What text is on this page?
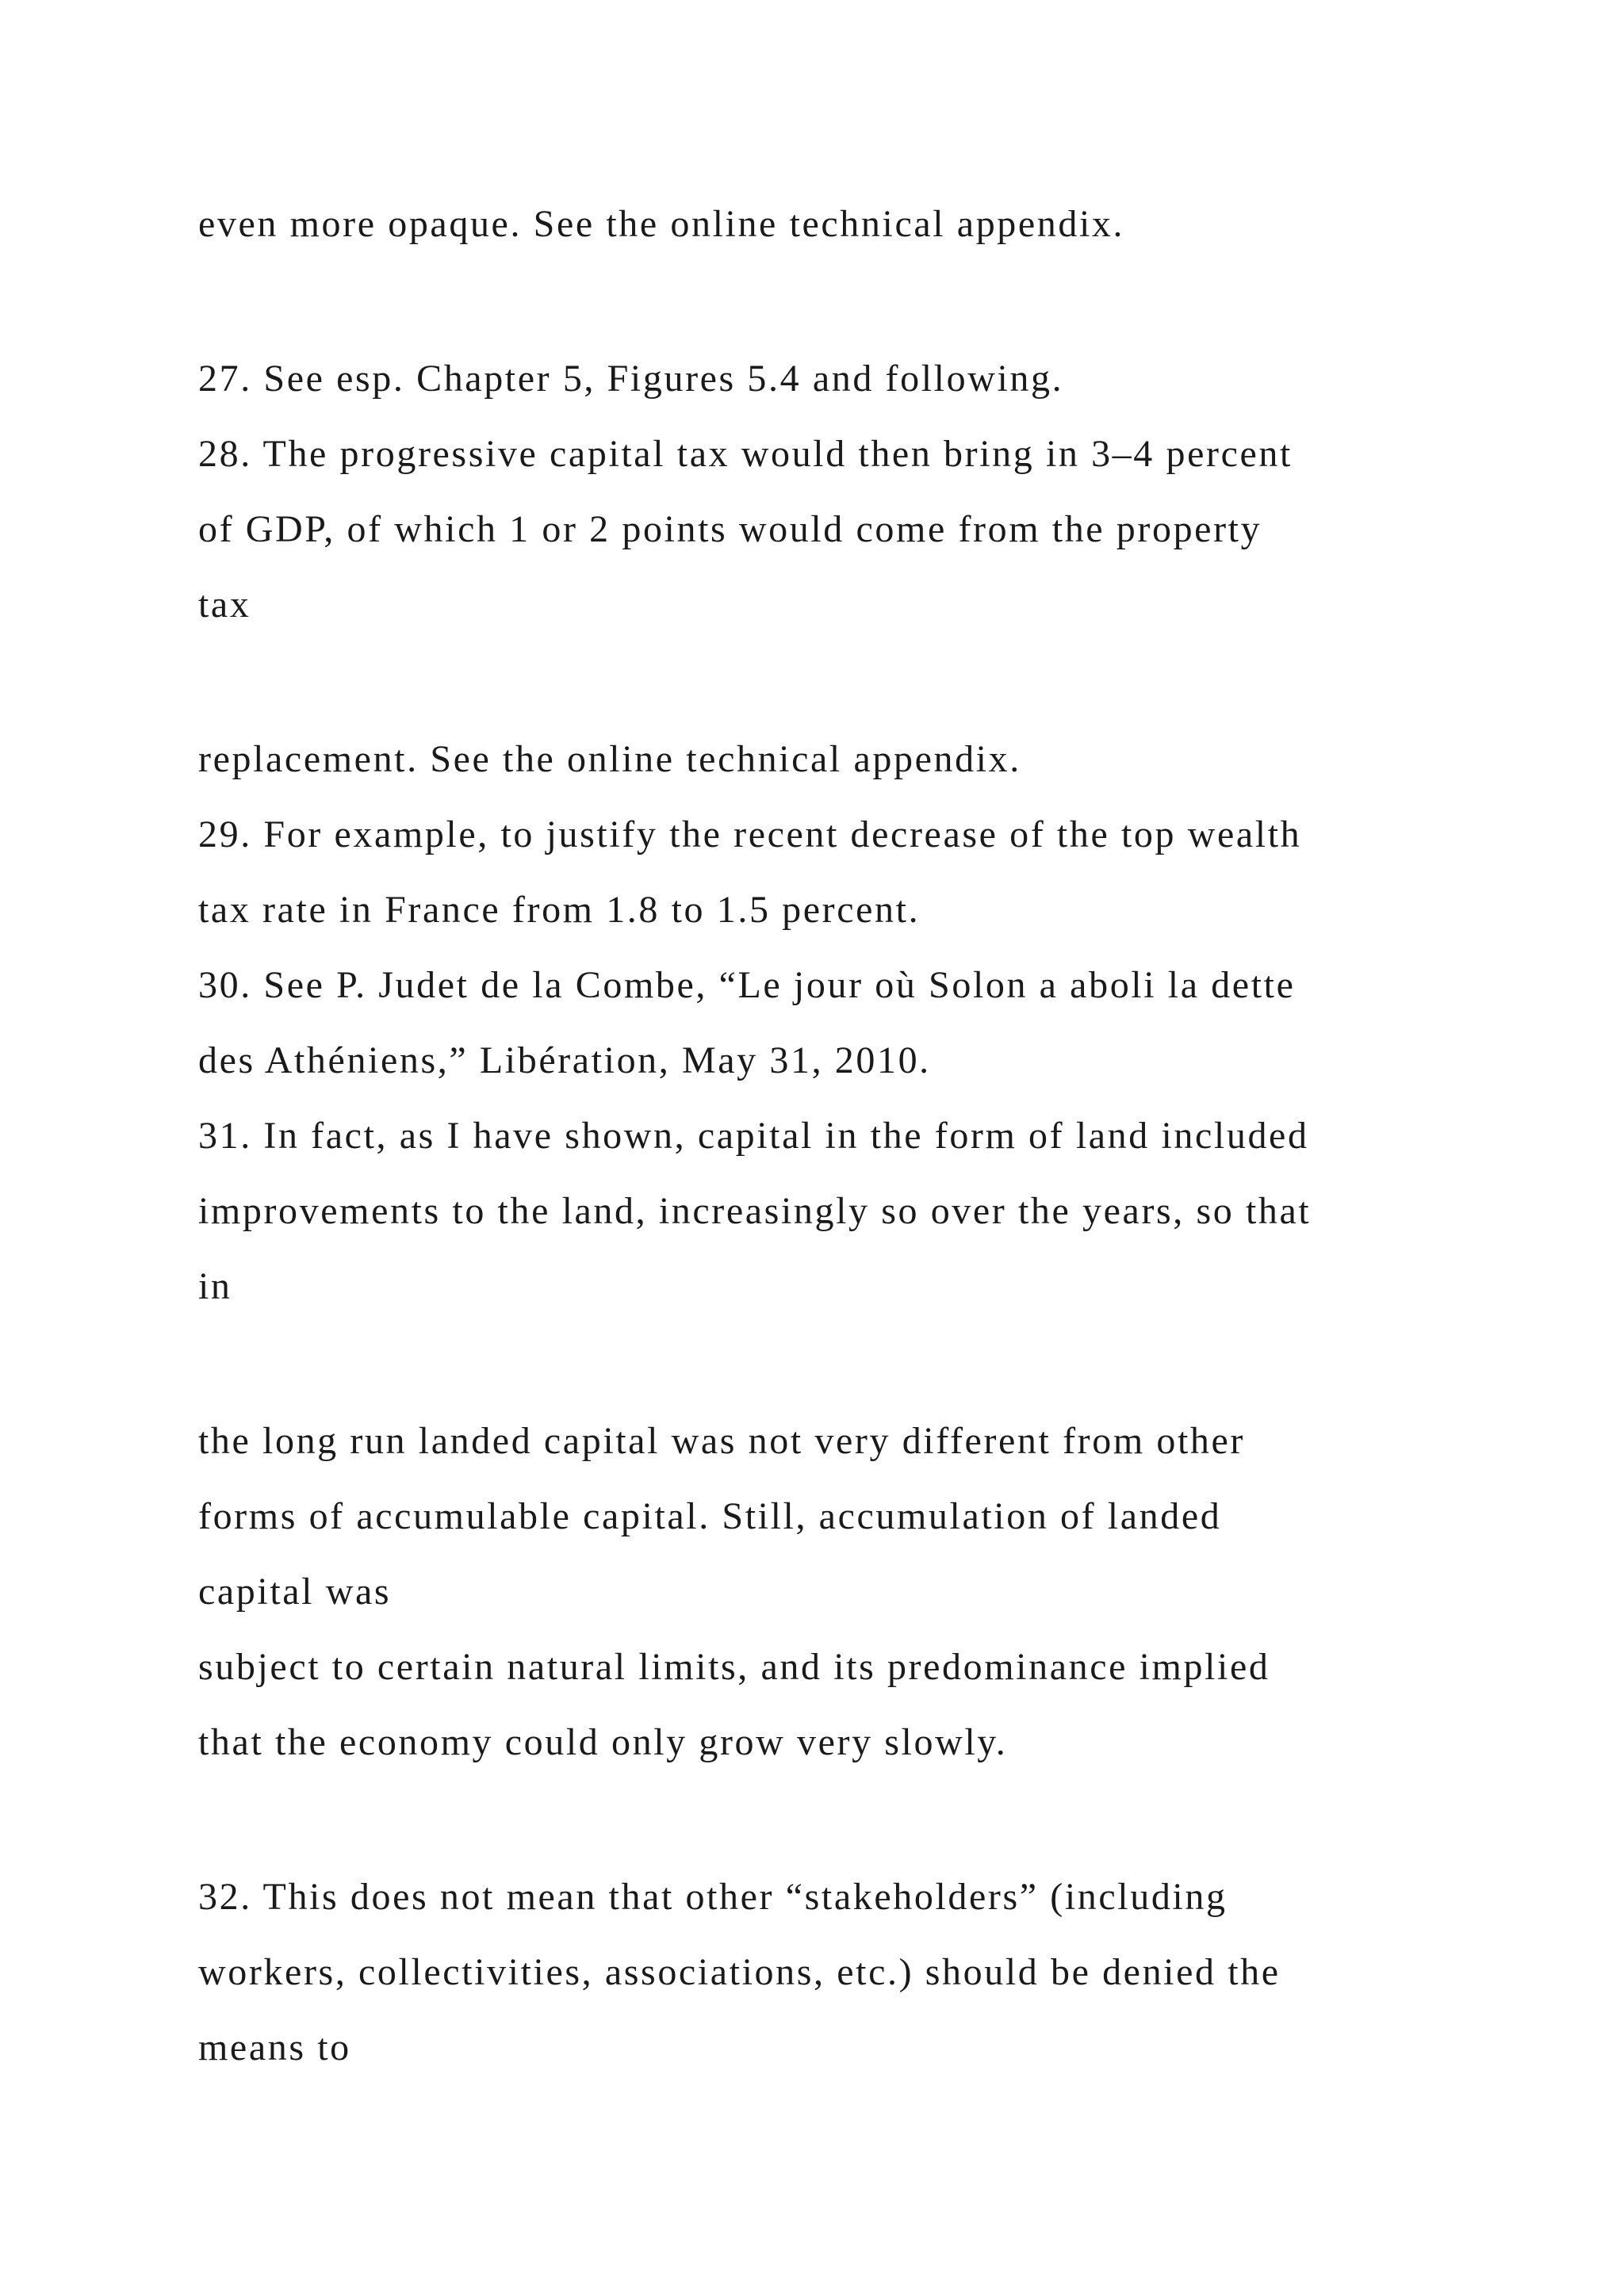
even more opaque. See the online technical appendix.

27. See esp. Chapter 5, Figures 5.4 and following.

28. The progressive capital tax would then bring in 3–4 percent

of GDP, of which 1 or 2 points would come from the property

tax

replacement. See the online technical appendix.

29. For example, to justify the recent decrease of the top wealth

tax rate in France from 1.8 to 1.5 percent.

30. See P. Judet de la Combe, “Le jour où Solon a aboli la dette

des Athéniens,” Libération, May 31, 2010.

31. In fact, as I have shown, capital in the form of land included

improvements to the land, increasingly so over the years, so that

in

the long run landed capital was not very different from other

forms of accumulable capital. Still, accumulation of landed

capital was

subject to certain natural limits, and its predominance implied

that the economy could only grow very slowly.

32. This does not mean that other “stakeholders” (including

workers, collectivities, associations, etc.) should be denied the

means to
